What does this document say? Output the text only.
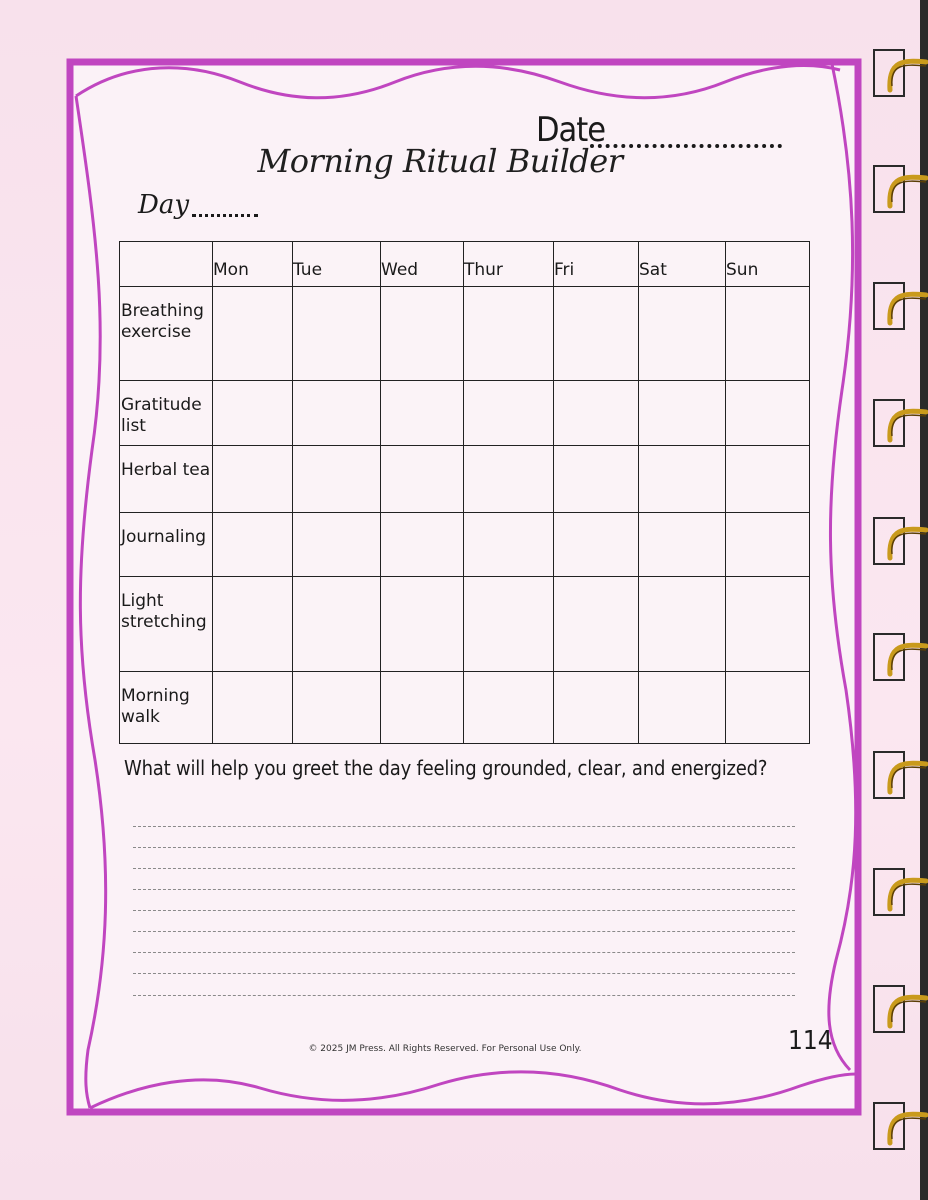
Date
Morning Ritual Builder
Day
	Mon	Tue	Wed	Thur	Fri	Sat	Sun
Breathing exercise							
Gratitude list							
Herbal tea							
Journaling							
Light stretching							
Morning walk							
What will help you greet the day feeling grounded, clear, and energized?
© 2025 JM Press. All Rights Reserved. For Personal Use Only.	114
